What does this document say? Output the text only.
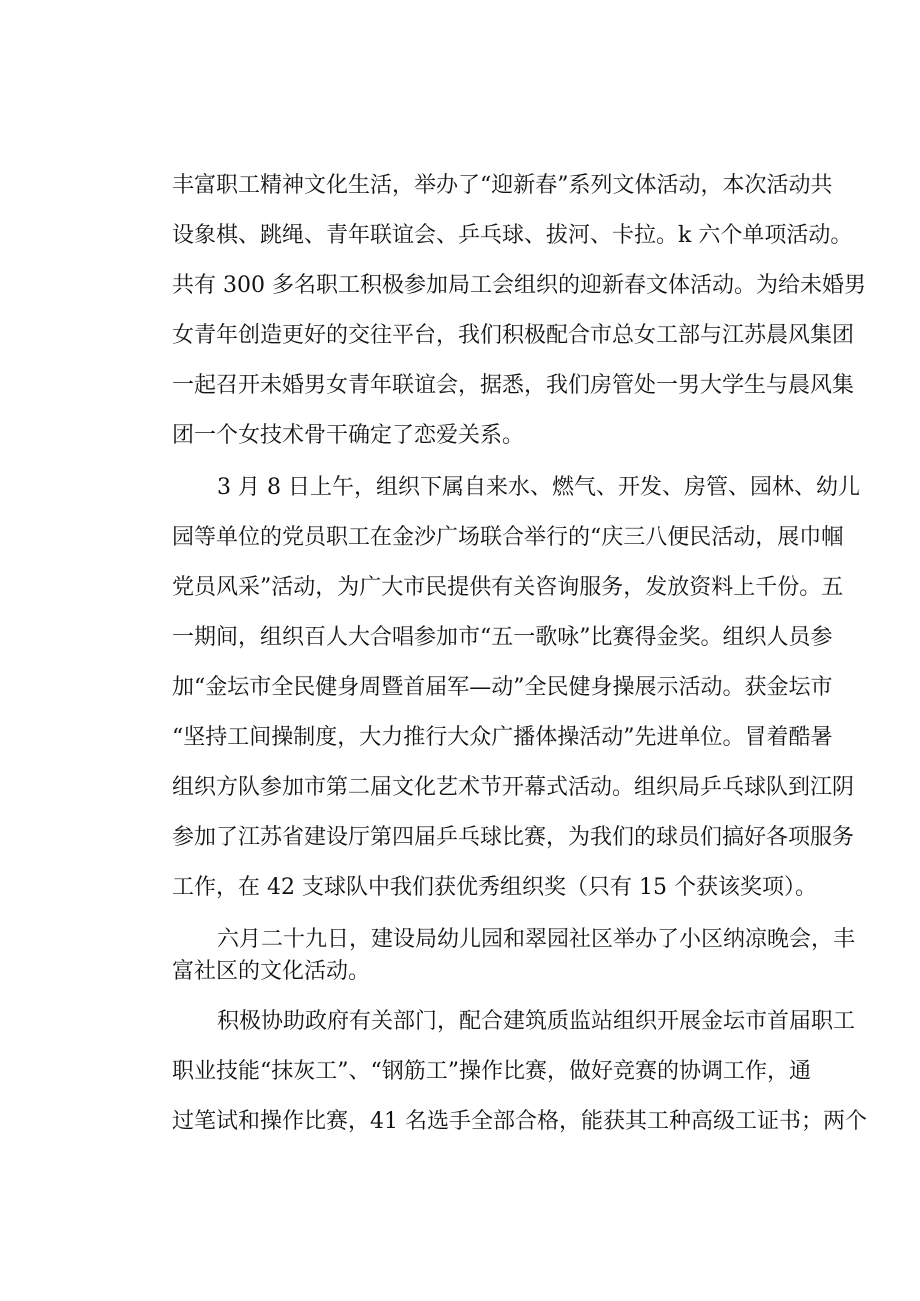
丰富职工精神文化生活，举办了“迎新春”系列文体活动，本次活动共

设象棋、跳绳、青年联谊会、乒乓球、拔河、卡拉。k 六个单项活动。

共有 300 多名职工积极参加局工会组织的迎新春文体活动。为给未婚男

女青年创造更好的交往平台，我们积极配合市总女工部与江苏晨风集团

一起召开未婚男女青年联谊会，据悉，我们房管处一男大学生与晨风集

团一个女技术骨干确定了恋爱关系。

3 月 8 日上午，组织下属自来水、燃气、开发、房管、园林、幼儿

园等单位的党员职工在金沙广场联合举行的“庆三八便民活动，展巾帼

党员风采”活动，为广大市民提供有关咨询服务，发放资料上千份。五

一期间，组织百人大合唱参加市“五一歌咏”比赛得金奖。组织人员参

加“金坛市全民健身周暨首届军—动”全民健身操展示活动。获金坛市

“坚持工间操制度，大力推行大众广播体操活动”先进单位。冒着酷暑

组织方队参加市第二届文化艺术节开幕式活动。组织局乒乓球队到江阴

参加了江苏省建设厅第四届乒乓球比赛，为我们的球员们搞好各项服务

工作，在 42 支球队中我们获优秀组织奖（只有 15 个获该奖项）。

六月二十九日，建设局幼儿园和翠园社区举办了小区纳凉晚会，丰

富社区的文化活动。

积极协助政府有关部门，配合建筑质监站组织开展金坛市首届职工

职业技能“抹灰工”、“钢筋工”操作比赛，做好竞赛的协调工作，通

过笔试和操作比赛，41 名选手全部合格，能获其工种高级工证书；两个
